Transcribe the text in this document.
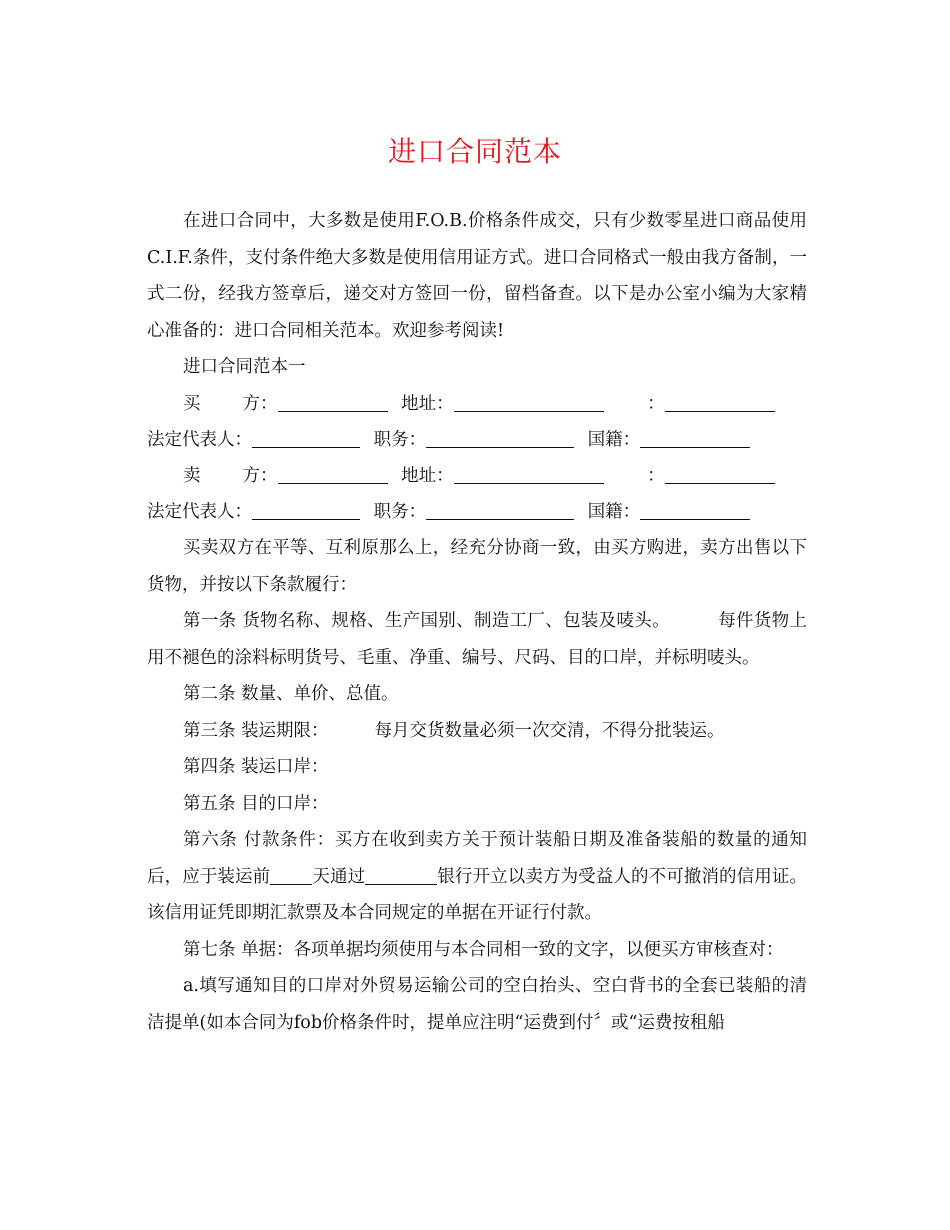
进口合同范本

在进口合同中，大多数是使用F.O.B.价格条件成交，只有少数零星进口商品使用C.I.F.条件，支付条件绝大多数是使用信用证方式。进口合同格式一般由我方备制，一式二份，经我方签章后，递交对方签回一份，留档备查。以下是办公室小编为大家精心准备的：进口合同相关范本。欢迎参考阅读!

进口合同范本一

买 方：	地址：	：
法定代表人：	职务：	国籍：
卖 方：	地址：	：
法定代表人：	职务：	国籍：

买卖双方在平等、互利原那么上，经充分协商一致，由买方购进，卖方出售以下货物，并按以下条款履行：

第一条 货物名称、规格、生产国别、制造工厂、包装及唛头。	每件货物上用不褪色的涂料标明货号、毛重、净重、编号、尺码、目的口岸，并标明唛头。

第二条 数量、单价、总值。

第三条 装运期限：	每月交货数量必须一次交清，不得分批装运。

第四条 装运口岸：

第五条 目的口岸：

第六条 付款条件：买方在收到卖方关于预计装船日期及准备装船的数量的通知后，应于装运前 天通过	银行开立以卖方为受益人的不可撤消的信用证。该信用证凭即期汇款票及本合同规定的单据在开证行付款。

第七条 单据：各项单据均须使用与本合同相一致的文字，以便买方审核查对：

a.填写通知目的口岸对外贸易运输公司的空白抬头、空白背书的全套已装船的清洁提单(如本合同为fob价格条件时，提单应注明“运费到付〞或“运费按租船
